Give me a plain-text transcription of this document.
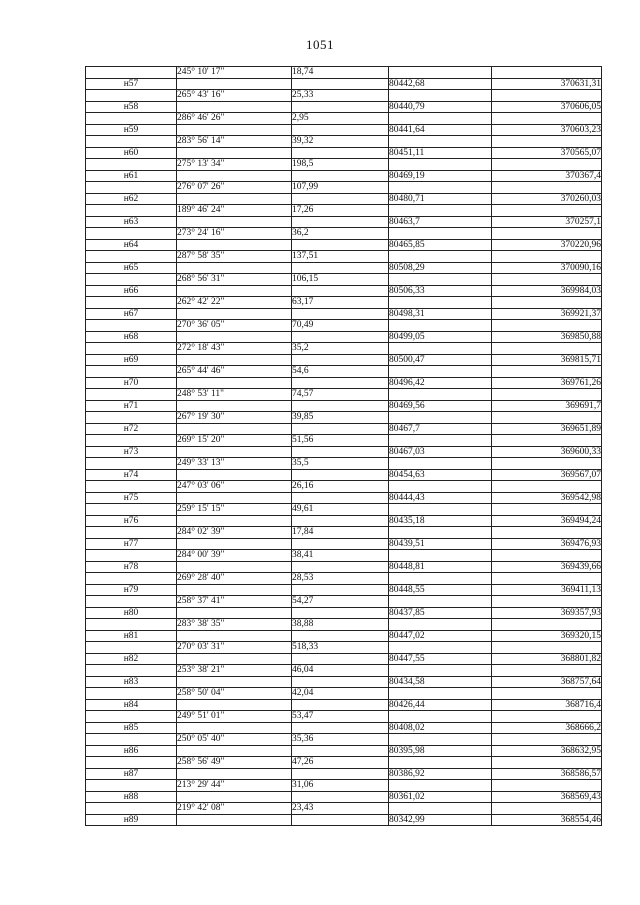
1051
	245° 10' 17"	18,74		
н57			80442,68	370631,31
	265° 43' 16"	25,33		
н58			80440,79	370606,05
	286° 46' 26"	2,95		
н59			80441,64	370603,23
	283° 56' 14"	39,32		
н60			80451,11	370565,07
	275° 13' 34"	198,5		
н61			80469,19	370367,4
	276° 07' 26"	107,99		
н62			80480,71	370260,03
	189° 46' 24"	17,26		
н63			80463,7	370257,1
	273° 24' 16"	36,2		
н64			80465,85	370220,96
	287° 58' 35"	137,51		
н65			80508,29	370090,16
	268° 56' 31"	106,15		
н66			80506,33	369984,03
	262° 42' 22"	63,17		
н67			80498,31	369921,37
	270° 36' 05"	70,49		
н68			80499,05	369850,88
	272° 18' 43"	35,2		
н69			80500,47	369815,71
	265° 44' 46"	54,6		
н70			80496,42	369761,26
	248° 53' 11"	74,57		
н71			80469,56	369691,7
	267° 19' 30"	39,85		
н72			80467,7	369651,89
	269° 15' 20"	51,56		
н73			80467,03	369600,33
	249° 33' 13"	35,5		
н74			80454,63	369567,07
	247° 03' 06"	26,16		
н75			80444,43	369542,98
	259° 15' 15"	49,61		
н76			80435,18	369494,24
	284° 02' 39"	17,84		
н77			80439,51	369476,93
	284° 00' 39"	38,41		
н78			80448,81	369439,66
	269° 28' 40"	28,53		
н79			80448,55	369411,13
	258° 37' 41"	54,27		
н80			80437,85	369357,93
	283° 38' 35"	38,88		
н81			80447,02	369320,15
	270° 03' 31"	518,33		
н82			80447,55	368801,82
	253° 38' 21"	46,04		
н83			80434,58	368757,64
	258° 50' 04"	42,04		
н84			80426,44	368716,4
	249° 51' 01"	53,47		
н85			80408,02	368666,2
	250° 05' 40"	35,36		
н86			80395,98	368632,95
	258° 56' 49"	47,26		
н87			80386,92	368586,57
	213° 29' 44"	31,06		
н88			80361,02	368569,43
	219° 42' 08"	23,43		
н89			80342,99	368554,46
